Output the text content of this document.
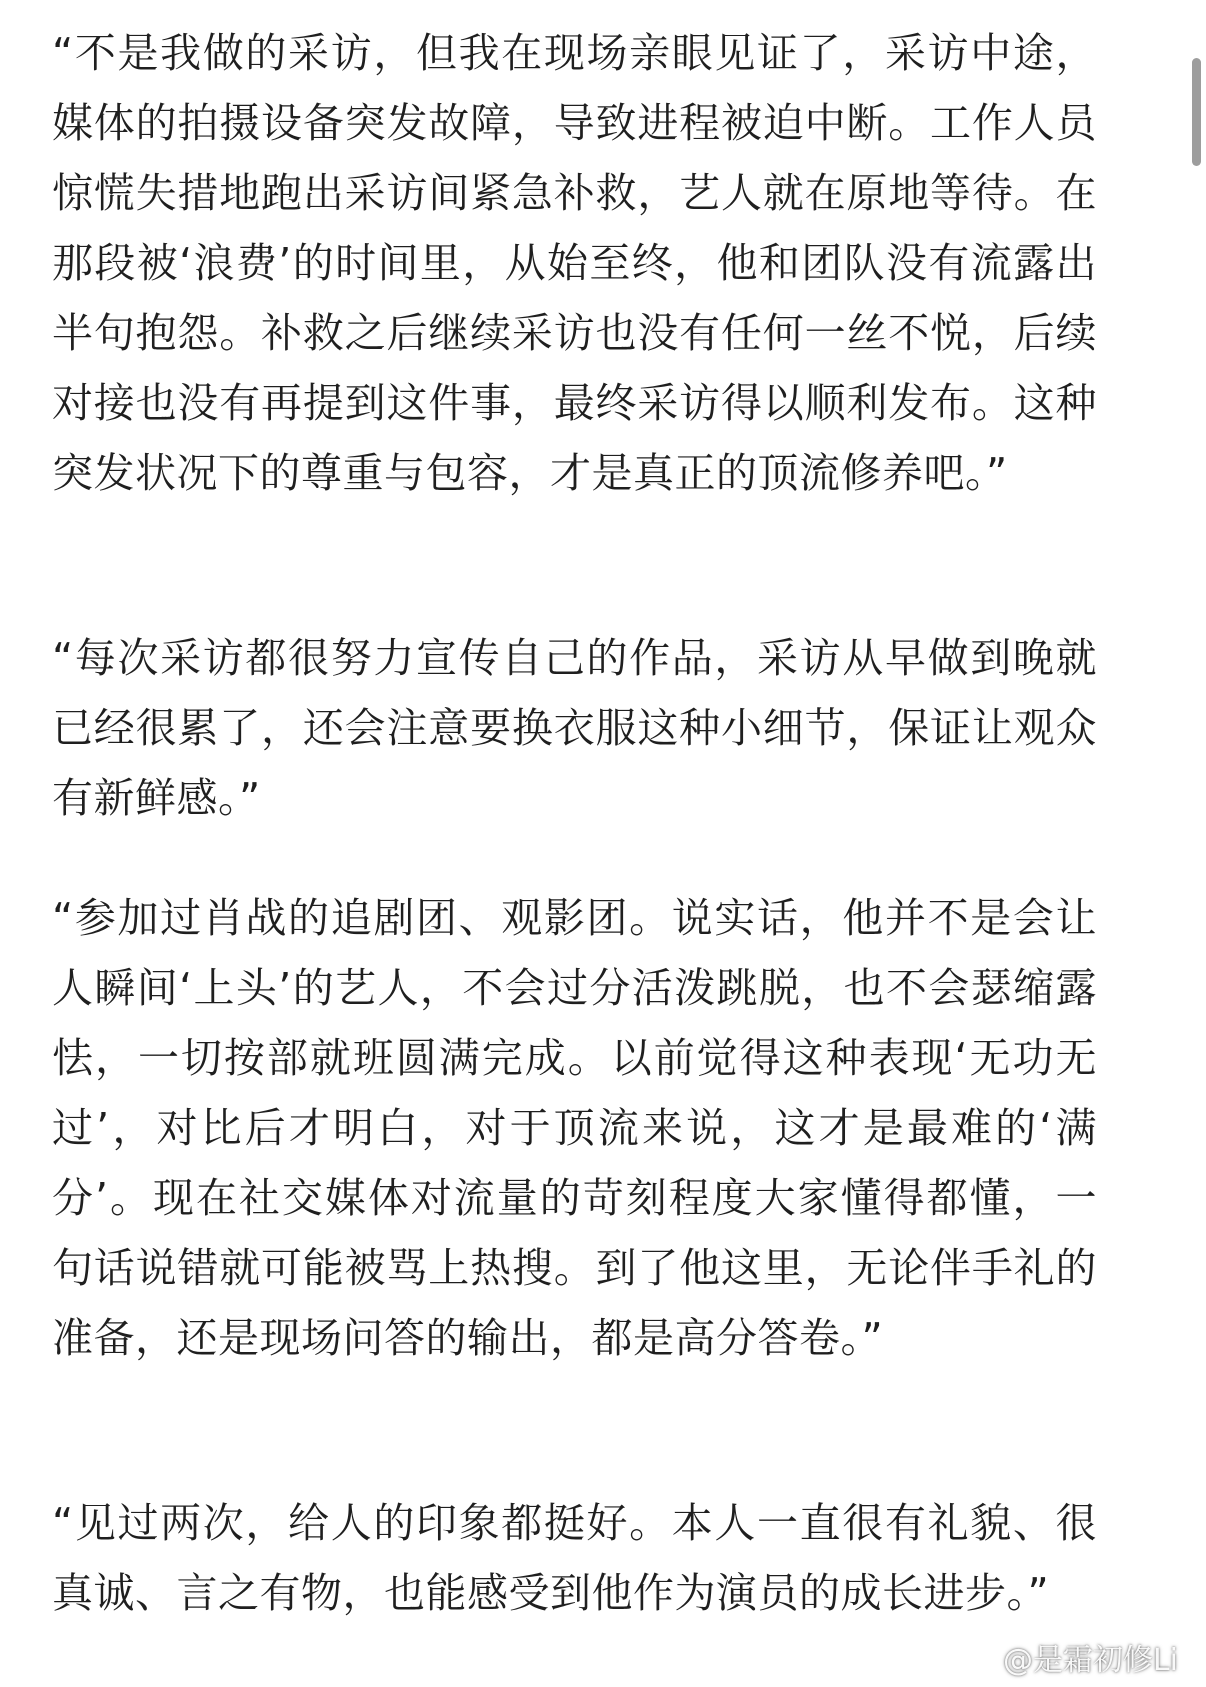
“不是我做的采访，但我在现场亲眼见证了，采访中途，媒体的拍摄设备突发故障，导致进程被迫中断。工作人员惊慌失措地跑出采访间紧急补救，艺人就在原地等待。在那段被‘浪费’的时间里，从始至终，他和团队没有流露出半句抱怨。补救之后继续采访也没有任何一丝不悦，后续对接也没有再提到这件事，最终采访得以顺利发布。这种突发状况下的尊重与包容，才是真正的顶流修养吧。”

“每次采访都很努力宣传自己的作品，采访从早做到晚就已经很累了，还会注意要换衣服这种小细节，保证让观众有新鲜感。”

“参加过肖战的追剧团、观影团。说实话，他并不是会让人瞬间‘上头’的艺人，不会过分活泼跳脱，也不会瑟缩露怯，一切按部就班圆满完成。以前觉得这种表现‘无功无过’，对比后才明白，对于顶流来说，这才是最难的‘满分’。现在社交媒体对流量的苛刻程度大家懂得都懂，一句话说错就可能被骂上热搜。到了他这里，无论伴手礼的准备，还是现场问答的输出，都是高分答卷。”

“见过两次，给人的印象都挺好。本人一直很有礼貌、很真诚、言之有物，也能感受到他作为演员的成长进步。”

@是霜初修Li
